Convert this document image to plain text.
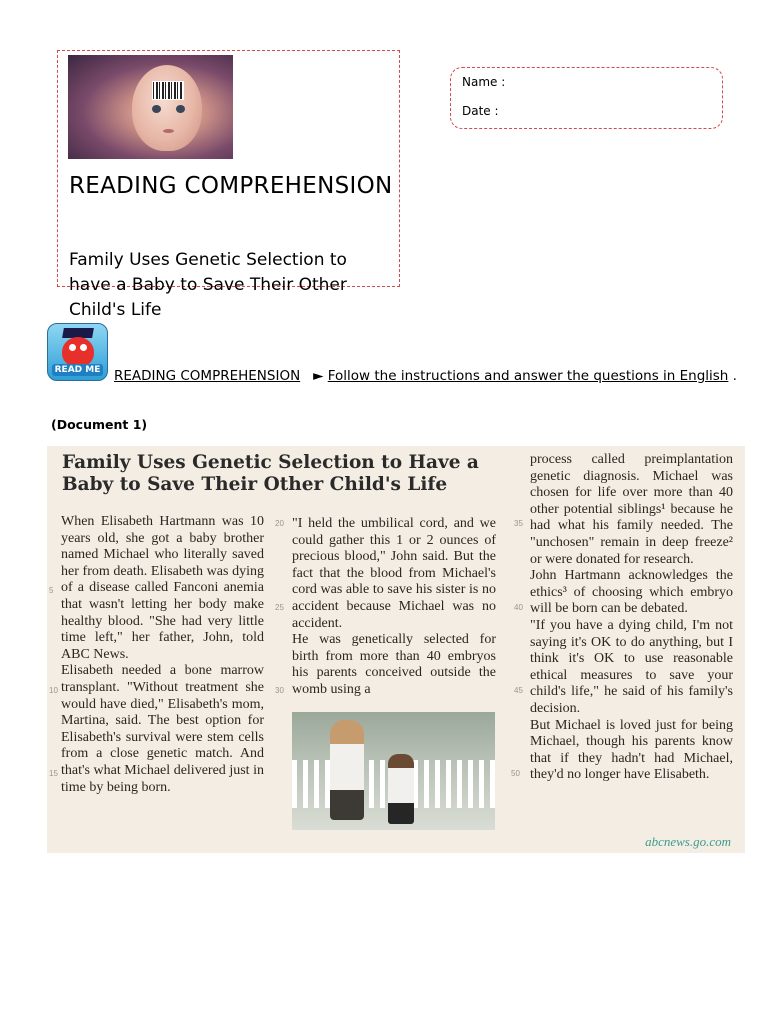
READING COMPREHENSION

Family Uses Genetic Selection to have a Baby to Save Their Other Child's Life

Name :
Date :
READ ME	READING COMPREHENSION ► Follow the instructions and answer the questions in English .
(Document 1)
Family Uses Genetic Selection to Have a Baby to Save Their Other Child's Life

When Elisabeth Hartmann was 10 years old, she got a baby brother named Michael who literally saved her from death. Elisabeth was dying of a disease called Fanconi anemia that wasn't letting her body make healthy blood. "She had very little time left," her father, John, told ABC News.

Elisabeth needed a bone marrow transplant. "Without treatment she would have died," Elisabeth's mom, Martina, said. The best option for Elisabeth's survival were stem cells from a close genetic match. And that's what Michael delivered just in time by being born.

"I held the umbilical cord, and we could gather this 1 or 2 ounces of precious blood," John said. But the fact that the blood from Michael's cord was able to save his sister is no accident because Michael was no accident.

He was genetically selected for birth from more than 40 embryos his parents conceived outside the womb using a

process called preimplantation genetic diagnosis. Michael was chosen for life over more than 40 other potential siblings¹ because he had what his family needed. The "unchosen" remain in deep freeze² or were donated for research.

John Hartmann acknowledges the ethics³ of choosing which embryo will be born can be debated.

"If you have a dying child, I'm not saying it's OK to do anything, but I think it's OK to use reasonable ethical measures to save your child's life," he said of his family's decision.

But Michael is loved just for being Michael, though his parents know that if they hadn't had Michael, they'd no longer have Elisabeth.

5
10
15
20
25
30
35
40
45
50
abcnews.go.com
